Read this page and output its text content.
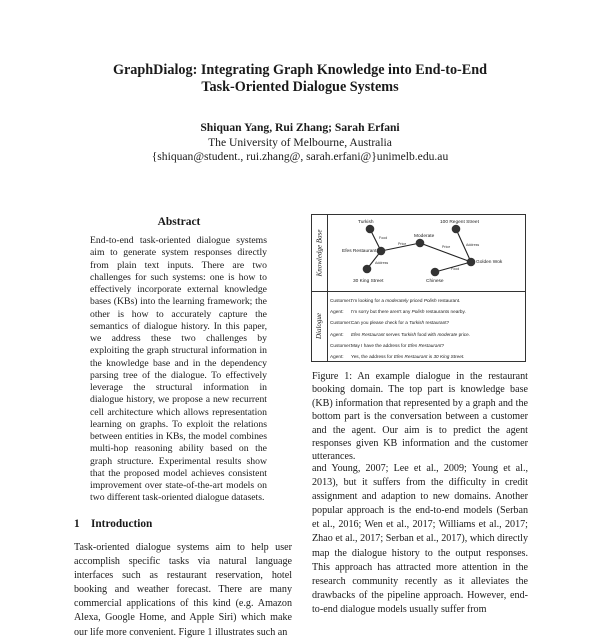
GraphDialog: Integrating Graph Knowledge into End-to-End
Task-Oriented Dialogue Systems
Shiquan Yang, Rui Zhang; Sarah Erfani
The University of Melbourne, Australia
{shiquan@student., rui.zhang@, sarah.erfani@}unimelb.edu.au
Abstract

End-to-end task-oriented dialogue systems aim to generate system responses directly from plain text inputs. There are two challenges for such systems: one is how to effectively incorporate external knowledge bases (KBs) into the learning framework; the other is how to accurately capture the semantics of dialogue history. In this paper, we address these two challenges by exploiting the graph structural information in the knowledge base and in the dependency parsing tree of the dialogue. To effectively leverage the structural information in dialogue history, we propose a new recurrent cell architecture which allows representation learning on graphs. To exploit the relations between entities in KBs, the model combines multi-hop reasoning ability based on the graph structure. Experimental results show that the proposed model achieves consistent improvement over state-of-the-art models on two different task-oriented dialogue datasets.

1 Introduction

Task-oriented dialogue systems aim to help user accomplish specific tasks via natural language interfaces such as restaurant reservation, hotel booking and weather forecast. There are many commercial applications of this kind (e.g. Amazon Alexa, Google Home, and Apple Siri) which make our life more convenient. Figure 1 illustrates such an

Knowledge Base
Dialogue
Turkish	100 Regent Street
Moderate
Efes Restaurant
Golden Wok
30 King Street	Chinese
Food
Price
Price
Address
Address
Food
Customer: I'm looking for a moderately priced Polish restaurant.
Agent:	I'm sorry but there aren't any Polish restaurants nearby.
Customer: Can you please check for a Turkish restaurant?
Agent:	Efes Restaurant serves Turkish food with moderate price.
Customer: May I have the address for Efes Restaurant?
Agent:	Yes, the address for Efes Restaurant is 30 King Street.

Figure 1: An example dialogue in the restaurant booking domain. The top part is knowledge base (KB) information that represented by a graph and the bottom part is the conversation between a customer and the agent. Our aim is to predict the agent responses given KB information and the customer utterances.

and Young, 2007; Lee et al., 2009; Young et al., 2013), but it suffers from the difficulty in credit assignment and adaption to new domains. Another popular approach is the end-to-end models (Serban et al., 2016; Wen et al., 2017; Williams et al., 2017; Zhao et al., 2017; Serban et al., 2017), which directly map the dialogue history to the output responses. This approach has attracted more attention in the research community recently as it alleviates the drawbacks of the pipeline approach. However, end-to-end dialogue models usually suffer from
